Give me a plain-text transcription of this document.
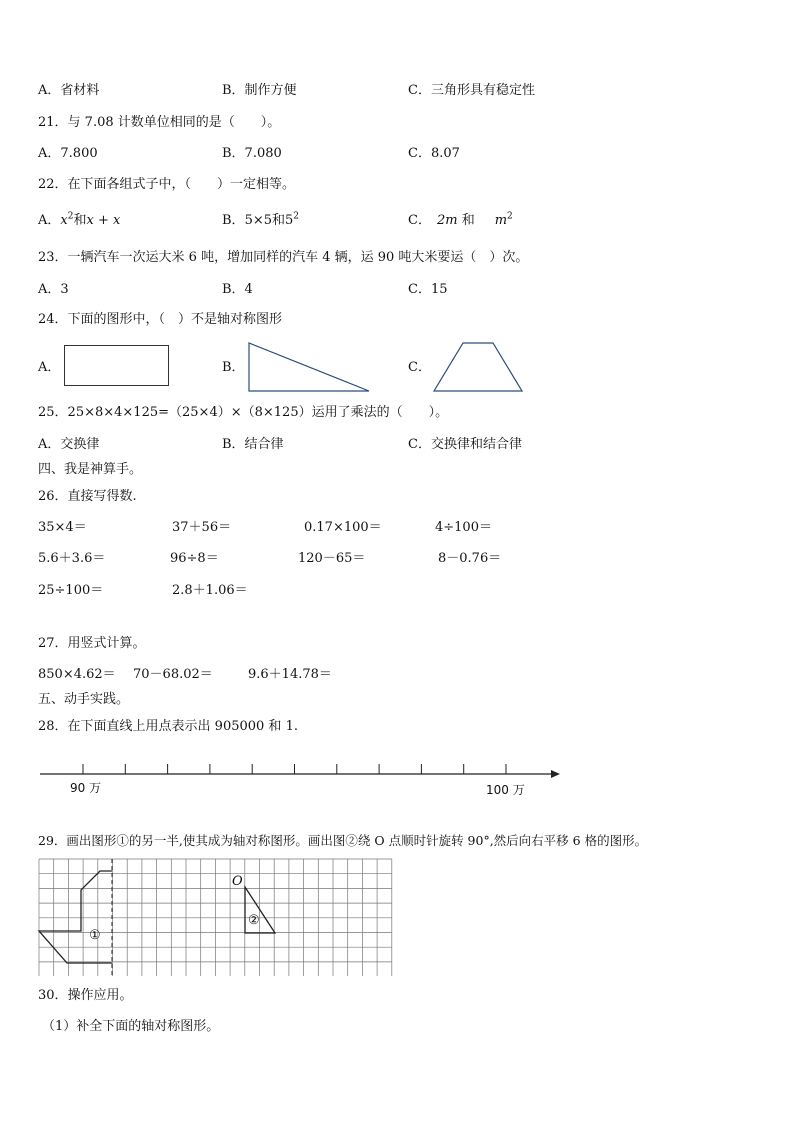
A．省材料	B．制作方便	C．三角形具有稳定性
21．与 7.08 计数单位相同的是（　　）。
A．7.800	B．7.080	C．8.07
22．在下面各组式子中，（　　）一定相等。
A．$x^2$和x + x	B．5×5和$5^2$	C． 2m 和 $m^2$
23．一辆汽车一次运大米 6 吨，增加同样的汽车 4 辆，运 90 吨大米要运（　）次。
A．3	B．4	C．15
24．下面的图形中，（　）不是轴对称图形
A．	B．	C．
25．25×8×4×125=（25×4）×（8×125）运用了乘法的（　　）。
A．交换律	B．结合律	C．交换律和结合律
四、我是神算手。
26．直接写得数.
35×4＝	37＋56＝	0.17×100＝	4÷100＝
5.6＋3.6＝	96÷8＝	120－65＝	8－0.76＝
25÷100＝	2.8＋1.06＝
27．用竖式计算。
850×4.62＝ 70－68.02＝	9.6＋14.78＝
五、动手实践。
28．在下面直线上用点表示出 905000 和 1.
90 万	100 万
29．画出图形①的另一半,使其成为轴对称图形。画出图②绕 O 点顺时针旋转 90°,然后向右平移 6 格的图形。
①
②
O
30．操作应用。
（1）补全下面的轴对称图形。
